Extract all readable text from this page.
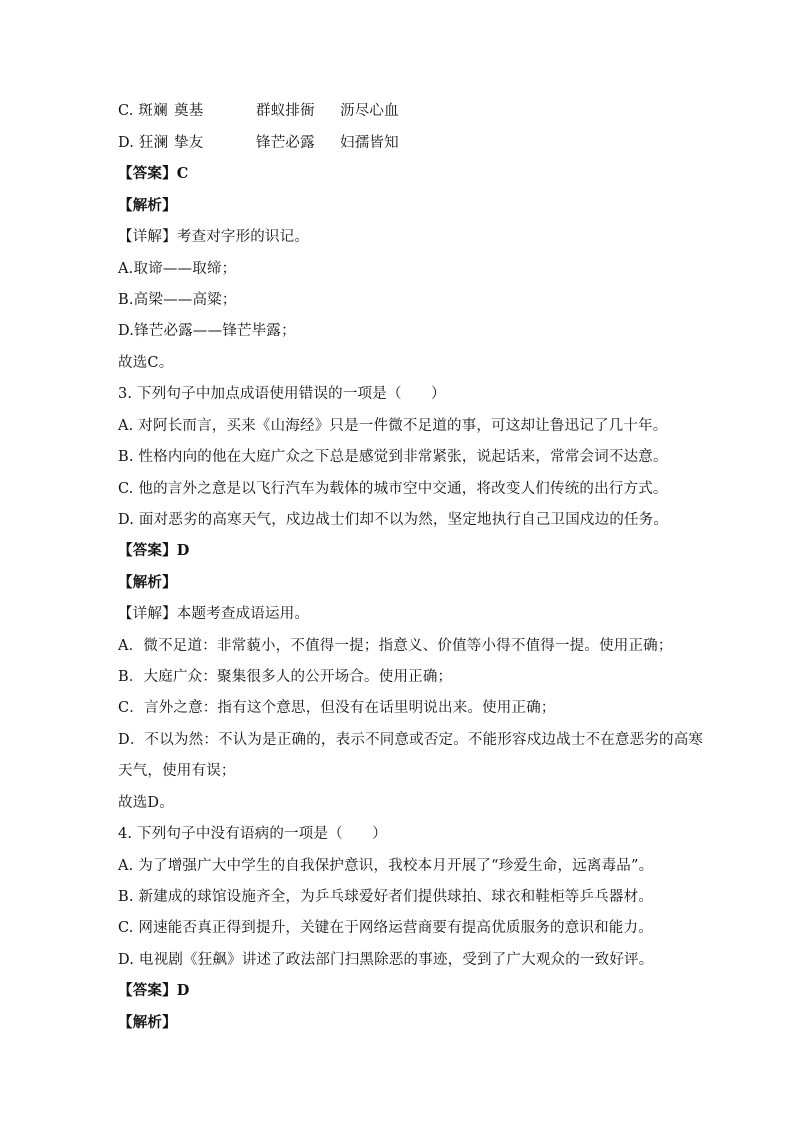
C. 斑斓 奠基	群蚁排衙 沥尽心血
D. 狂澜 挚友	锋芒必露 妇孺皆知
【答案】C
【解析】
【详解】考查对字形的识记。
A.取谛——取缔；
B.高梁——高粱；
D.锋芒必露——锋芒毕露；
故选C。
3. 下列句子中加点成语使用错误的一项是（　　）
A. 对阿长而言，买来《山海经》只是一件微不足道的事，可这却让鲁迅记了几十年。
B. 性格内向的他在大庭广众之下总是感觉到非常紧张，说起话来，常常会词不达意。
C. 他的言外之意是以飞行汽车为载体的城市空中交通，将改变人们传统的出行方式。
D. 面对恶劣的高寒天气，戍边战士们却不以为然，坚定地执行自己卫国戍边的任务。
【答案】D
【解析】
【详解】本题考查成语运用。
A．微不足道：非常藐小，不值得一提；指意义、价值等小得不值得一提。使用正确；
B．大庭广众：聚集很多人的公开场合。使用正确；
C．言外之意：指有这个意思，但没有在话里明说出来。使用正确；
D．不以为然：不认为是正确的，表示不同意或否定。不能形容戍边战士不在意恶劣的高寒
天气，使用有误；
故选D。
4. 下列句子中没有语病的一项是（　　）
A. 为了增强广大中学生的自我保护意识，我校本月开展了“珍爱生命，远离毒品”。
B. 新建成的球馆设施齐全，为乒乓球爱好者们提供球拍、球衣和鞋柜等乒乓器材。
C. 网速能否真正得到提升，关键在于网络运营商要有提高优质服务的意识和能力。
D. 电视剧《狂飙》讲述了政法部门扫黑除恶的事迹，受到了广大观众的一致好评。
【答案】D
【解析】
